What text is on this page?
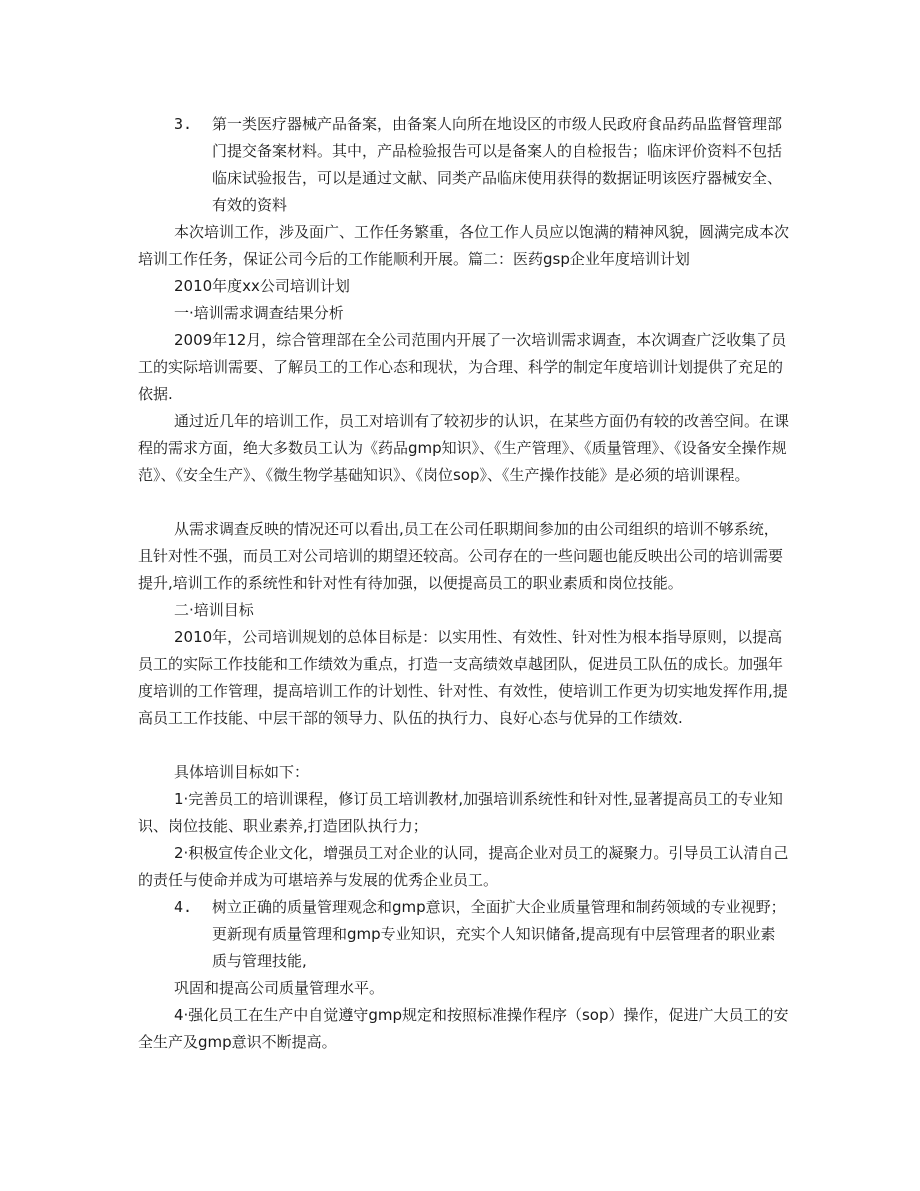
3. 第一类医疗器械产品备案，由备案人向所在地设区的市级人民政府食品药品监督管理部门提交备案材料。其中，产品检验报告可以是备案人的自检报告；临床评价资料不包括临床试验报告，可以是通过文献、同类产品临床使用获得的数据证明该医疗器械安全、有效的资料

本次培训工作，涉及面广、工作任务繁重，各位工作人员应以饱满的精神风貌，圆满完成本次培训工作任务，保证公司今后的工作能顺利开展。篇二：医药gsp企业年度培训计划

2010年度xx公司培训计划
一·培训需求调查结果分析

2009年12月，综合管理部在全公司范围内开展了一次培训需求调查，本次调查广泛收集了员工的实际培训需要、了解员工的工作心态和现状，为合理、科学的制定年度培训计划提供了充足的依据.

通过近几年的培训工作，员工对培训有了较初步的认识，在某些方面仍有较的改善空间。在课程的需求方面，绝大多数员工认为《药品gmp知识》、《生产管理》、《质量管理》、《设备安全操作规范》、《安全生产》、《微生物学基础知识》、《岗位sop》、《生产操作技能》是必须的培训课程。

从需求调查反映的情况还可以看出,员工在公司任职期间参加的由公司组织的培训不够系统，且针对性不强，而员工对公司培训的期望还较高。公司存在的一些问题也能反映出公司的培训需要提升,培训工作的系统性和针对性有待加强，以便提高员工的职业素质和岗位技能。

二·培训目标

2010年，公司培训规划的总体目标是：以实用性、有效性、针对性为根本指导原则，以提高员工的实际工作技能和工作绩效为重点，打造一支高绩效卓越团队，促进员工队伍的成长。加强年度培训的工作管理，提高培训工作的计划性、针对性、有效性，使培训工作更为切实地发挥作用,提高员工工作技能、中层干部的领导力、队伍的执行力、良好心态与优异的工作绩效.

具体培训目标如下：

1·完善员工的培训课程，修订员工培训教材,加强培训系统性和针对性,显著提高员工的专业知识、岗位技能、职业素养,打造团队执行力；

2·积极宣传企业文化，增强员工对企业的认同，提高企业对员工的凝聚力。引导员工认清自己的责任与使命并成为可堪培养与发展的优秀企业员工。

4. 树立正确的质量管理观念和gmp意识，全面扩大企业质量管理和制药领域的专业视野；更新现有质量管理和gmp专业知识，充实个人知识储备,提高现有中层管理者的职业素质与管理技能,
巩固和提高公司质量管理水平。

4·强化员工在生产中自觉遵守gmp规定和按照标准操作程序（sop）操作，促进广大员工的安全生产及gmp意识不断提高。
